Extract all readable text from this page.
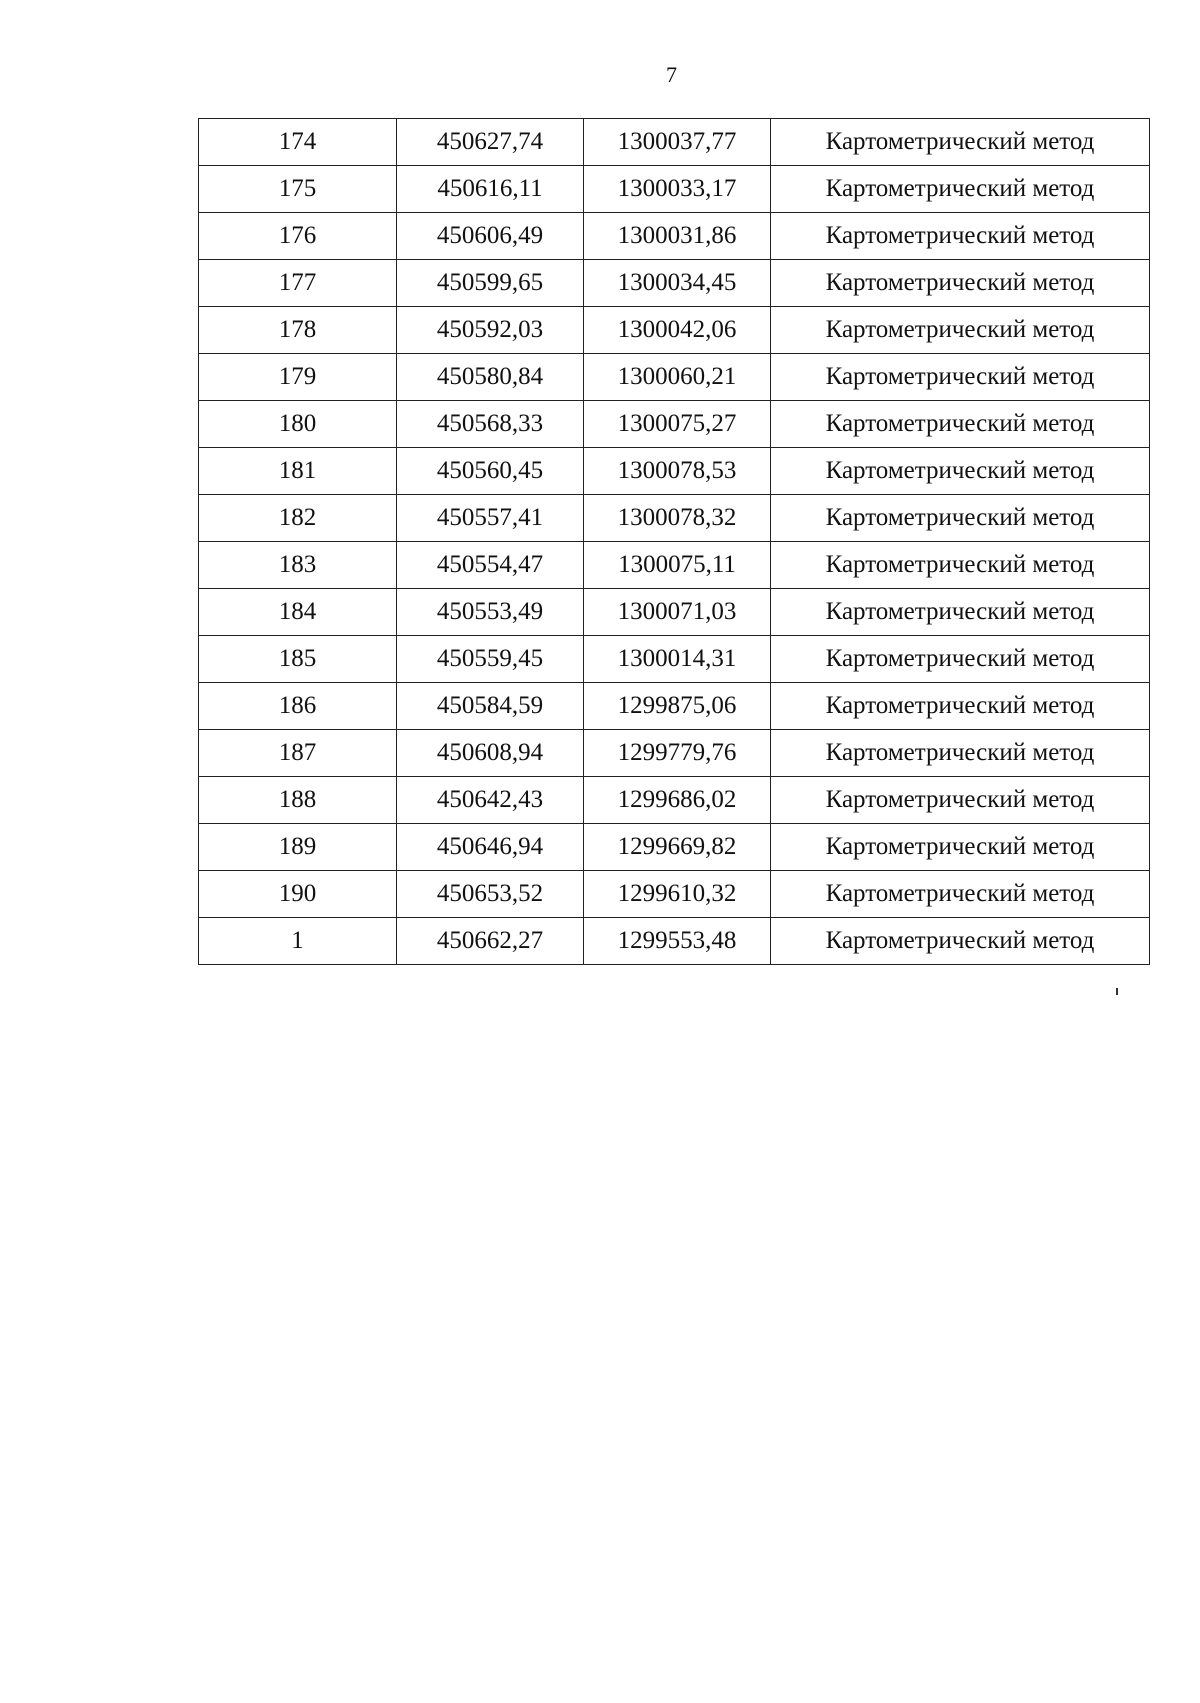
7
174	450627,74	1300037,77	Картометрический метод
175	450616,11	1300033,17	Картометрический метод
176	450606,49	1300031,86	Картометрический метод
177	450599,65	1300034,45	Картометрический метод
178	450592,03	1300042,06	Картометрический метод
179	450580,84	1300060,21	Картометрический метод
180	450568,33	1300075,27	Картометрический метод
181	450560,45	1300078,53	Картометрический метод
182	450557,41	1300078,32	Картометрический метод
183	450554,47	1300075,11	Картометрический метод
184	450553,49	1300071,03	Картометрический метод
185	450559,45	1300014,31	Картометрический метод
186	450584,59	1299875,06	Картометрический метод
187	450608,94	1299779,76	Картометрический метод
188	450642,43	1299686,02	Картометрический метод
189	450646,94	1299669,82	Картометрический метод
190	450653,52	1299610,32	Картометрический метод
1	450662,27	1299553,48	Картометрический метод
